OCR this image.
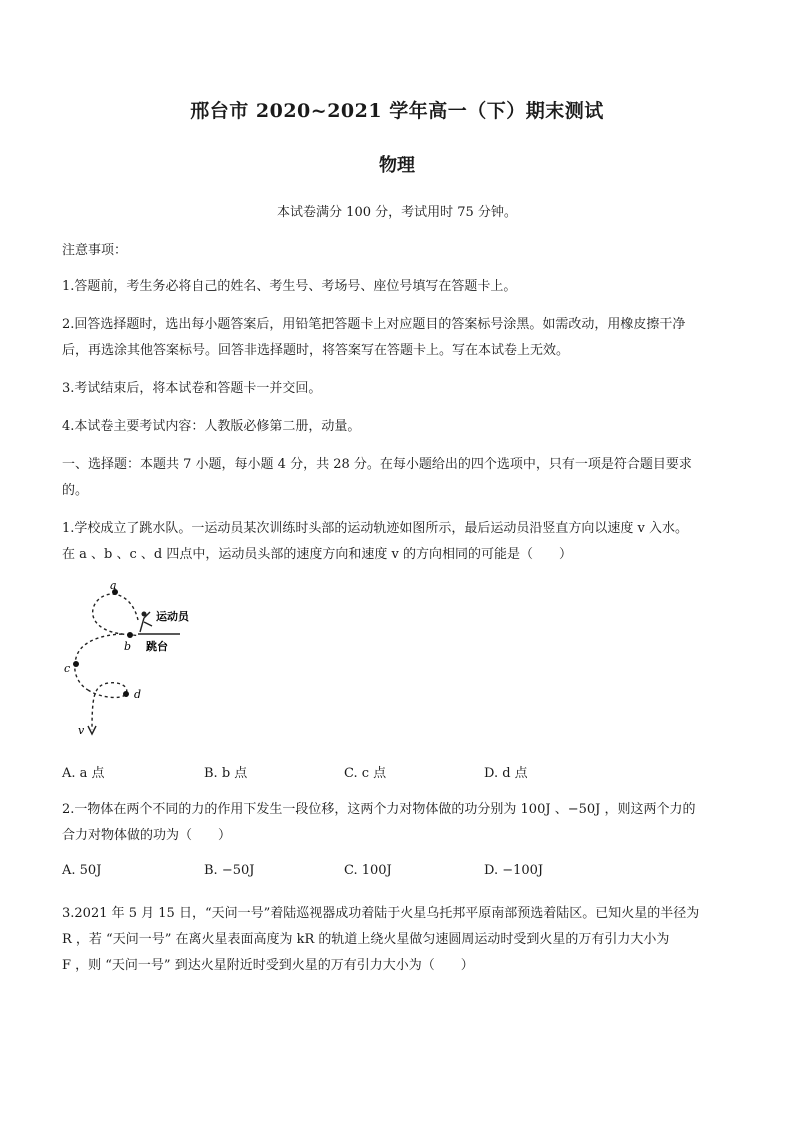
邢台市 2020~2021 学年高一（下）期末测试
物理
本试卷满分 100 分，考试用时 75 分钟。
注意事项：
1.答题前，考生务必将自己的姓名、考生号、考场号、座位号填写在答题卡上。
2.回答选择题时，选出每小题答案后，用铅笔把答题卡上对应题目的答案标号涂黑。如需改动，用橡皮擦干净
后，再选涂其他答案标号。回答非选择题时，将答案写在答题卡上。写在本试卷上无效。
3.考试结束后，将本试卷和答题卡一并交回。
4.本试卷主要考试内容：人教版必修第二册，动量。
一、选择题：本题共 7 小题，每小题 4 分，共 28 分。在每小题给出的四个选项中，只有一项是符合题目要求
的。
1.学校成立了跳水队。一运动员某次训练时头部的运动轨迹如图所示，最后运动员沿竖直方向以速度 v 入水。
在 a 、b 、c 、d 四点中，运动员头部的速度方向和速度 v 的方向相同的可能是（　　）
a
b
c
d
v
运动员
跳台
A. a 点	B. b 点	C. c 点	D. d 点
2.一物体在两个不同的力的作用下发生一段位移，这两个力对物体做的功分别为 100J 、−50J ，则这两个力的
合力对物体做的功为（　　）
A. 50J	B. −50J	C. 100J	D. −100J
3.2021 年 5 月 15 日，“天问一号”着陆巡视器成功着陆于火星乌托邦平原南部预选着陆区。已知火星的半径为
R ，若 “天问一号” 在离火星表面高度为 kR 的轨道上绕火星做匀速圆周运动时受到火星的万有引力大小为
F ，则 “天问一号” 到达火星附近时受到火星的万有引力大小为（　　）
